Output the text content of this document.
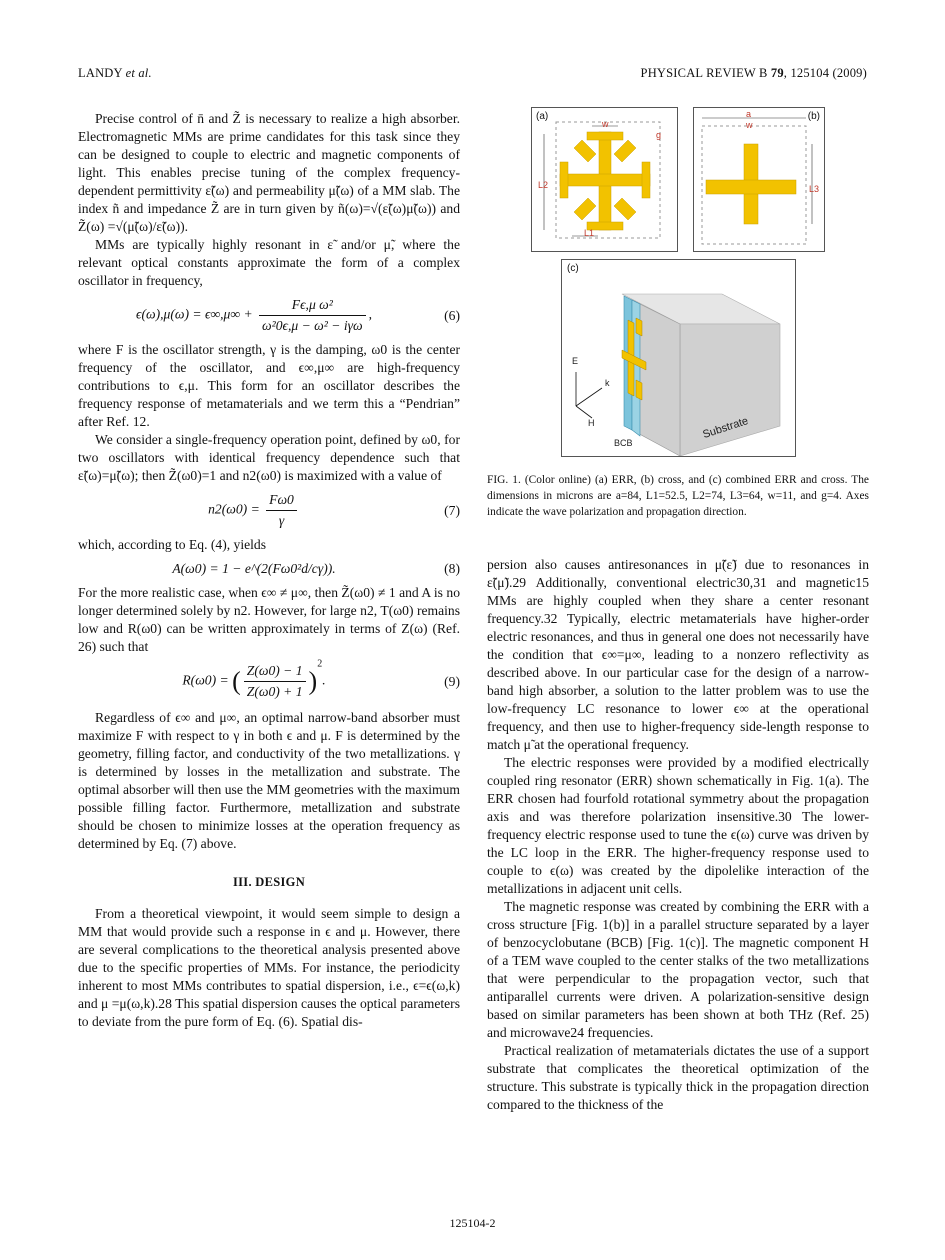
LANDY et al.	PHYSICAL REVIEW B 79, 125104 (2009)

Precise control of n̄ and Z̃ is necessary to realize a high absorber. Electromagnetic MMs are prime candidates for this task since they can be designed to couple to electric and magnetic components of light. This enables precise tuning of the complex frequency-dependent permittivity ε̃(ω) and permeability μ̃(ω) of a MM slab. The index ñ and impedance Z̃ are in turn given by ñ(ω)=√(ε̃(ω)μ̃(ω)) and Z̃(ω) =√(μ̃(ω)/ε̃(ω)).

MMs are typically highly resonant in ε̃ and/or μ̃, where the relevant optical constants approximate the form of a complex oscillator in frequency,

$\epsilon(\omega),\mu(\omega) = \epsilon\infty,\mu\infty + \frac{\text{Fϵ,μ ω²}}{\text{ω²0ϵ,μ − ω² − iγω}}$ ,	(6)

where F is the oscillator strength, γ is the damping, ω0 is the center frequency of the oscillator, and ϵ∞,μ∞ are high-frequency contributions to ϵ,μ. This form for an oscillator describes the frequency response of metamaterials and we term this a “Pendrian” after Ref. 12.

We consider a single-frequency operation point, defined by ω0, for two oscillators with identical frequency dependence such that ε̃(ω)=μ̃(ω); then Z̃(ω0)=1 and n2(ω0) is maximized with a value of

$n2(\omega 0) = \frac{F\omega 0}{\gamma}$	(7)

which, according to Eq. (4), yields

A(ω0) = 1 − e^(2(Fω0²d/cγ)).	(8)

For the more realistic case, when ϵ∞ ≠ μ∞, then Z̃(ω0) ≠ 1 and A is no longer determined solely by n2. However, for large n2, T(ω0) remains low and R(ω0) can be written approximately in terms of Z(ω) (Ref. 26) such that

R(ω0) = ( $\frac{Z(\omega 0) - 1}{Z(\omega 0) + 1} )^2$.	(9)

Regardless of ϵ∞ and μ∞, an optimal narrow-band absorber must maximize F with respect to γ in both ϵ and μ. F is determined by the geometry, filling factor, and conductivity of the two metallizations. γ is determined by losses in the metallization and substrate. The optimal absorber will then use the MM geometries with the maximum possible filling factor. Furthermore, metallization and substrate should be chosen to minimize losses at the operation frequency as determined by Eq. (7) above.

III. DESIGN

From a theoretical viewpoint, it would seem simple to design a MM that would provide such a response in ϵ and μ. However, there are several complications to the theoretical analysis presented above due to the specific properties of MMs. For instance, the periodicity inherent to most MMs contributes to spatial dispersion, i.e., ϵ=ϵ(ω,k) and μ =μ(ω,k).28 This spatial dispersion causes the optical parameters to deviate from the pure form of Eq. (6). Spatial dis-

(a)
w
g
L2
L1
(b)
a
w
L3
(c)
E
k
H	Substrate
BCB
FIG. 1. (Color online) (a) ERR, (b) cross, and (c) combined ERR and cross. The dimensions in microns are a=84, L1=52.5, L2=74, L3=64, w=11, and g=4. Axes indicate the wave polarization and propagation direction.

persion also causes antiresonances in μ̃(ε̃) due to resonances in ε̃(μ̃).29 Additionally, conventional electric30,31 and magnetic15 MMs are highly coupled when they share a center resonant frequency.32 Typically, electric metamaterials have higher-order electric resonances, and thus in general one does not necessarily have the condition that ϵ∞=μ∞, leading to a nonzero reflectivity as described above. In our particular case for the design of a narrow-band high absorber, a solution to the latter problem was to use the low-frequency LC resonance to lower ϵ∞ at the operational frequency, and then use to higher-frequency side-length response to match μ̃ at the operational frequency.

The electric responses were provided by a modified electrically coupled ring resonator (ERR) shown schematically in Fig. 1(a). The ERR chosen had fourfold rotational symmetry about the propagation axis and was therefore polarization insensitive.30 The lower-frequency electric response used to tune the ϵ(ω) curve was driven by the LC loop in the ERR. The higher-frequency response used to couple to ϵ(ω) was created by the dipolelike interaction of the metallizations in adjacent unit cells.

The magnetic response was created by combining the ERR with a cross structure [Fig. 1(b)] in a parallel structure separated by a layer of benzocyclobutane (BCB) [Fig. 1(c)]. The magnetic component H of a TEM wave coupled to the center stalks of the two metallizations that were perpendicular to the propagation vector, such that antiparallel currents were driven. A polarization-sensitive design based on similar parameters has been shown at both THz (Ref. 25) and microwave24 frequencies.

Practical realization of metamaterials dictates the use of a support substrate that complicates the theoretical optimization of the structure. This substrate is typically thick in the propagation direction compared to the thickness of the

125104-2
